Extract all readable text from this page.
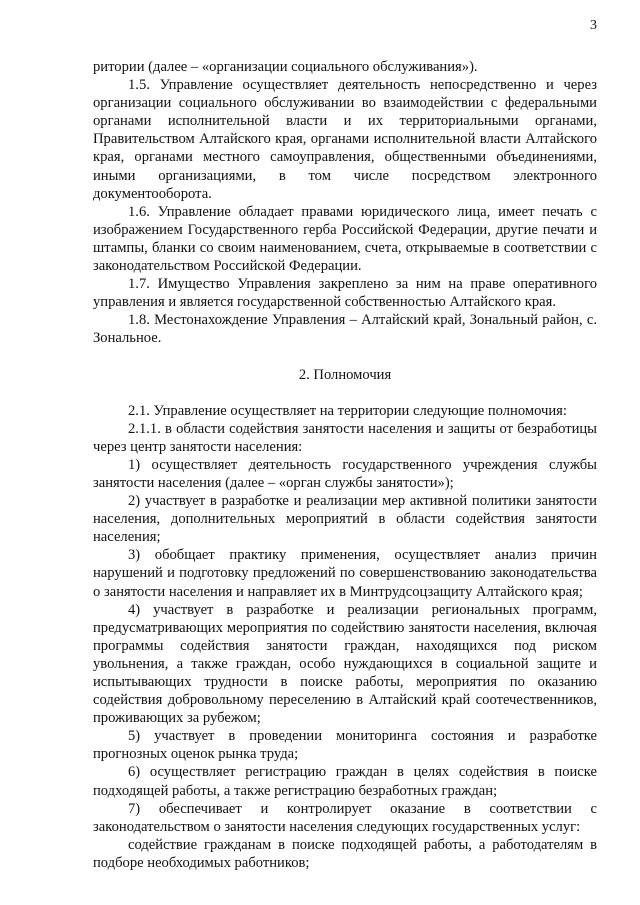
3

ритории (далее – «организации социального обслуживания»).

1.5. Управление осуществляет деятельность непосредственно и через организации социального обслуживании во взаимодействии с федеральными органами исполнительной власти и их территориальными органами, Правительством Алтайского края, органами исполнительной власти Алтайского края, органами местного самоуправления, общественными объединениями, иными организациями, в том числе посредством электронного документооборота.

1.6. Управление обладает правами юридического лица, имеет печать с изображением Государственного герба Российской Федерации, другие печати и штампы, бланки со своим наименованием, счета, открываемые в соответствии с законодательством Российской Федерации.

1.7. Имущество Управления закреплено за ним на праве оперативного управления и является государственной собственностью Алтайского края.

1.8. Местонахождение Управления – Алтайский край, Зональный район, с. Зональное.

2. Полномочия

2.1. Управление осуществляет на территории следующие полномочия:

2.1.1. в области содействия занятости населения и защиты от безработицы через центр занятости населения:

1) осуществляет деятельность государственного учреждения службы занятости населения (далее – «орган службы занятости»);

2) участвует в разработке и реализации мер активной политики занятости населения, дополнительных мероприятий в области содействия занятости населения;

3) обобщает практику применения, осуществляет анализ причин нарушений и подготовку предложений по совершенствованию законодательства о занятости населения и направляет их в Минтрудсоцзащиту Алтайского края;

4) участвует в разработке и реализации региональных программ, предусматривающих мероприятия по содействию занятости населения, включая программы содействия занятости граждан, находящихся под риском увольнения, а также граждан, особо нуждающихся в социальной защите и испытывающих трудности в поиске работы, мероприятия по оказанию содействия добровольному переселению в Алтайский край соотечественников, проживающих за рубежом;

5) участвует в проведении мониторинга состояния и разработке прогнозных оценок рынка труда;

6) осуществляет регистрацию граждан в целях содействия в поиске подходящей работы, а также регистрацию безработных граждан;

7) обеспечивает и контролирует оказание в соответствии с законодательством о занятости населения следующих государственных услуг:

содействие гражданам в поиске подходящей работы, а работодателям в подборе необходимых работников;
